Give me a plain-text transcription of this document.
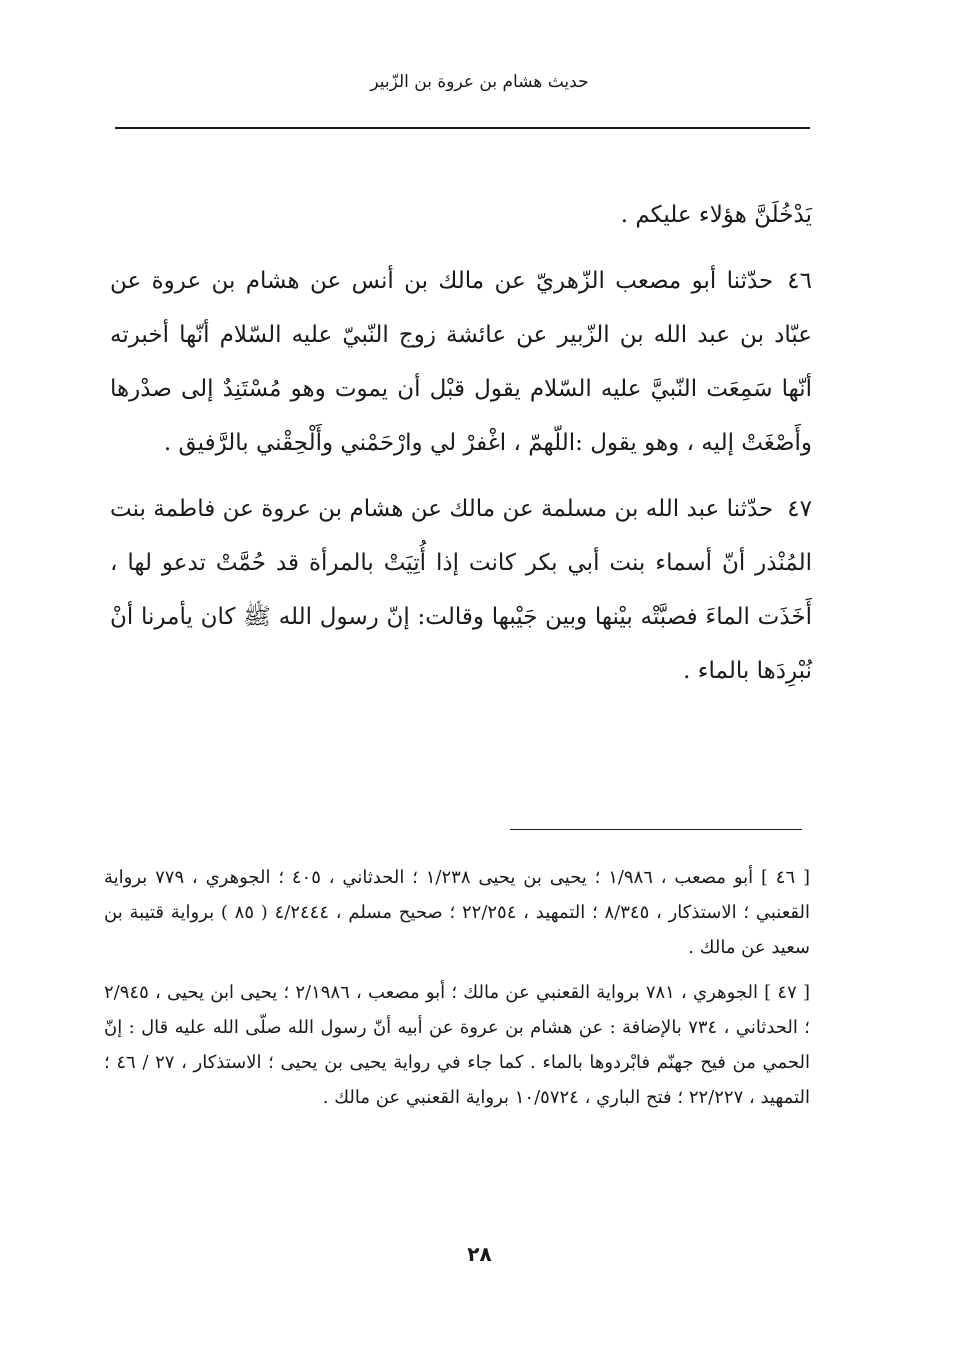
حديث هشام بن عروة بن الزّبير

يَدْخُلَنَّ هؤلاء عليكم .

٤٦حدّثنا أبو مصعب الزّهريّ عن مالك بن أنس عن هشام بن عروة عن عبّاد بن عبد الله بن الزّبير عن عائشة زوج النّبيّ عليه السّلام أنّها أخبرته أنّها سَمِعَت النّبيَّ عليه السّلام يقول قبْل أن يموت وهو مُسْتَنِدٌ إلى صدْرها وأَصْغَتْ إليه ، وهو يقول :اللّهمّ ، اغْفرْ لي وارْحَمْني وأَلْحِقْني بالرَّفيق .

٤٧حدّثنا عبد الله بن مسلمة عن مالك عن هشام بن عروة عن فاطمة بنت المُنْذر أنّ أسماء بنت أبي بكر كانت إذا أُتِيَتْ بالمرأة قد حُمَّتْ تدعو لها ، أَخَذَت الماءَ فصبَّتْه بيْنها وبين جَيْبها وقالت: إنّ رسول الله ﷺ كان يأمرنا أنْ نُبْرِدَها بالماء .

[ ٤٦ ] أبو مصعب ، ١/٩٨٦ ؛ يحيى بن يحيى ١/٢٣٨ ؛ الحدثاني ، ٤٠٥ ؛ الجوهري ، ٧٧٩ برواية القعنبي ؛ الاستذكار ، ٨/٣٤٥ ؛ التمهيد ، ٢٢/٢٥٤ ؛ صحيح مسلم ، ٤/٢٤٤٤ ( ٨٥ ) برواية قتيبة بن سعيد عن مالك .

[ ٤٧ ] الجوهري ، ٧٨١ برواية القعنبي عن مالك ؛ أبو مصعب ، ٢/١٩٨٦ ؛ يحيى ابن يحيى ، ٢/٩٤٥ ؛ الحدثاني ، ٧٣٤ بالإضافة : عن هشام بن عروة عن أبيه أنّ رسول الله صلّى الله عليه قال : إنّ الحمي من فيح جهنّم فابْردوها بالماء . كما جاء في رواية يحيى بن يحيى ؛ الاستذكار ، ٢٧ / ٤٦ ؛ التمهيد ، ٢٢/٢٢٧ ؛ فتح الباري ، ١٠/٥٧٢٤ برواية القعنبي عن مالك .

٢٨
